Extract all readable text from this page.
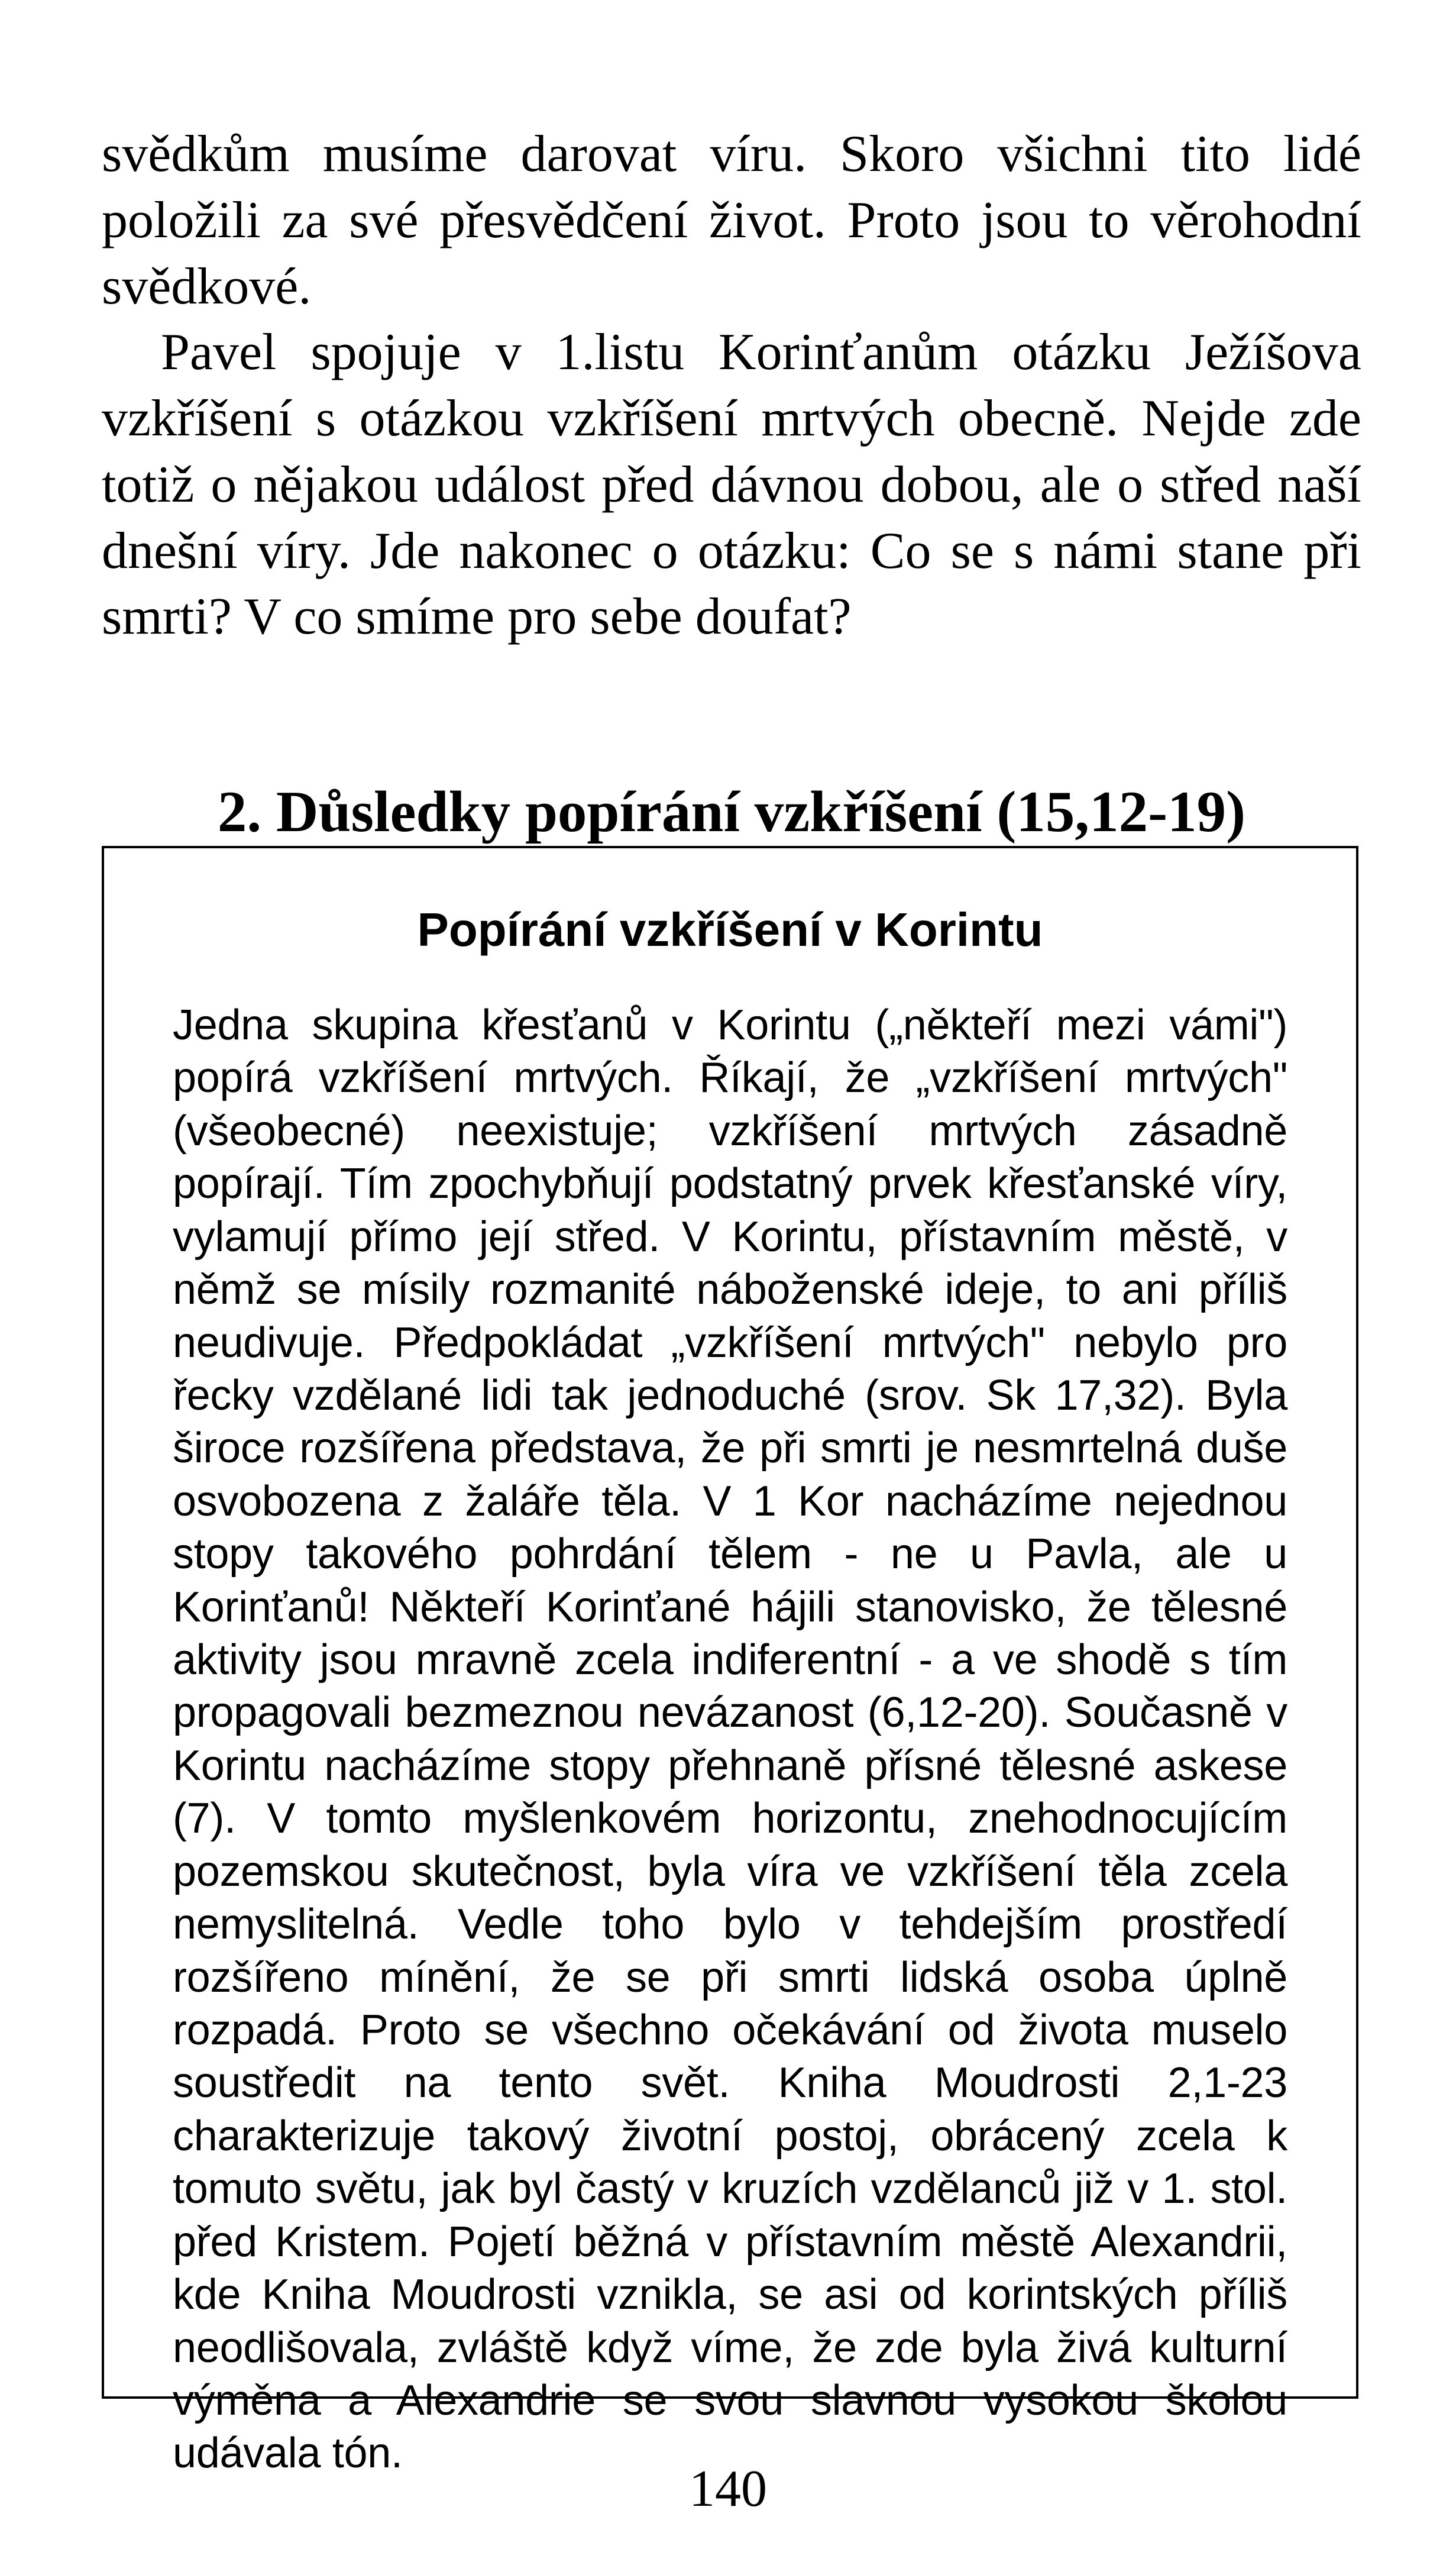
svědkům musíme darovat víru. Skoro všichni tito lidé položili za své přesvědčení život. Proto jsou to věrohodní svědkové.

Pavel spojuje v 1.listu Korinťanům otázku Ježíšova vzkříšení s otázkou vzkříšení mrtvých obecně. Nejde zde totiž o nějakou událost před dávnou dobou, ale o střed naší dnešní víry. Jde nakonec o otázku: Co se s námi stane při smrti? V co smíme pro sebe doufat?

2. Důsledky popírání vzkříšení (15,12-19)
Popírání vzkříšení v Korintu

Jedna skupina křesťanů v Korintu („někteří mezi vámi") popírá vzkříšení mrtvých. Říkají, že „vzkříšení mrtvých" (všeobecné) neexistuje; vzkříšení mrtvých zásadně popírají. Tím zpochybňují podstatný prvek křesťanské víry, vylamují přímo její střed. V Korintu, přístavním městě, v němž se mísily rozmanité náboženské ideje, to ani příliš neudivuje. Předpokládat „vzkříšení mrtvých" nebylo pro řecky vzdělané lidi tak jednoduché (srov. Sk 17,32). Byla široce rozšířena představa, že při smrti je nesmrtelná duše osvobozena z žaláře těla. V 1 Kor nacházíme nejednou stopy takového pohrdání tělem - ne u Pavla, ale u Korinťanů! Někteří Korinťané hájili stanovisko, že tělesné aktivity jsou mravně zcela indiferentní - a ve shodě s tím propagovali bezmeznou nevázanost (6,12-20). Současně v Korintu nacházíme stopy přehnaně přísné tělesné askese (7). V tomto myšlenkovém horizontu, znehodnocujícím pozemskou skutečnost, byla víra ve vzkříšení těla zcela nemyslitelná. Vedle toho bylo v tehdejším prostředí rozšířeno mínění, že se při smrti lidská osoba úplně rozpadá. Proto se všechno očekávání od života muselo soustředit na tento svět. Kniha Moudrosti 2,1-23 charakterizuje takový životní postoj, obrácený zcela k tomuto světu, jak byl častý v kruzích vzdělanců již v 1. stol. před Kristem. Pojetí běžná v přístavním městě Alexandrii, kde Kniha Moudrosti vznikla, se asi od korintských příliš neodlišovala, zvláště když víme, že zde byla živá kulturní výměna a Alexandrie se svou slavnou vysokou školou udávala tón.

140
